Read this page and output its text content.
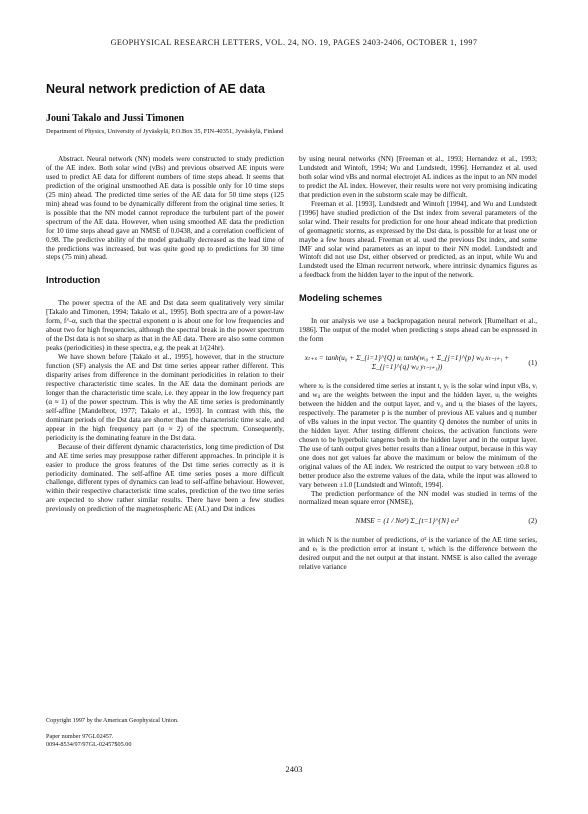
GEOPHYSICAL RESEARCH LETTERS, VOL. 24, NO. 19, PAGES 2403-2406, OCTOBER 1, 1997
Neural network prediction of AE data
Jouni Takalo and Jussi Timonen
Department of Physics, University of Jyväskylä, P.O.Box 35, FIN-40351, Jyväskylä, Finland

Abstract. Neural network (NN) models were constructed to study prediction of the AE index. Both solar wind (vBs) and previous observed AE inputs were used to predict AE data for different numbers of time steps ahead. It seems that prediction of the original unsmoothed AE data is possible only for 10 time steps (25 min) ahead. The predicted time series of the AE data for 50 time steps (125 min) ahead was found to be dynamically different from the original time series. It is possible that the NN model cannot reproduce the turbulent part of the power spectrum of the AE data. However, when using smoothed AE data the prediction for 10 time steps ahead gave an NMSE of 0.0438, and a correlation coefficient of 0.98. The predictive ability of the model gradually decreased as the lead time of the predictions was increased, but was quite good up to predictions for 30 time steps (75 min) ahead.

Introduction

The power spectra of the AE and Dst data seem qualitatively very similar [Takalo and Timonen, 1994; Takalo et al., 1995]. Both spectra are of a power-law form, f^-α, such that the spectral exponent α is about one for low frequencies and about two for high frequencies, although the spectral break in the power spectrum of the Dst data is not so sharp as that in the AE data. There are also some common peaks (periodicities) in these spectra, e.g. the peak at 1/(24hr).

We have shown before [Takalo et al., 1995], however, that in the structure function (SF) analysis the AE and Dst time series appear rather different. This disparity arises from difference in the dominant periodicities in relation to their respective characteristic time scales. In the AE data the dominant periods are longer than the characteristic time scale, i.e. they appear in the low frequency part (α ≈ 1) of the power spectrum. This is why the AE time series is predominantly self-affine [Mandelbrot, 1977; Takalo et al., 1993]. In contrast with this, the dominant periods of the Dst data are shorter than the characteristic time scale, and appear in the high frequency part (α ≈ 2) of the spectrum. Consequently, periodicity is the dominating feature in the Dst data.

Because of their different dynamic characteristics, long time prediction of Dst and AE time series may presuppose rather different approaches. In principle it is easier to produce the gross features of the Dst time series correctly as it is periodicity dominated. The self-affine AE time series poses a more difficult challenge, different types of dynamics can lead to self-affine behaviour. However, within their respective characteristic time scales, prediction of the two time series are expected to show rather similar results. There have been a few studies previously on prediction of the magnetospheric AE (AL) and Dst indices

Copyright 1997 by the American Geophysical Union.
Paper number 97GL02457.
0094-8534/97/97GL-02457$05.00

by using neural networks (NN) [Freeman et al., 1993; Hernandez et al., 1993; Lundstedt and Wintoft, 1994; Wu and Lundstedt, 1996]. Hernandez et al. used both solar wind vBs and normal electrojet AL indices as the input to an NN model to predict the AL index. However, their results were not very promising indicating that prediction even in the substorm scale may be difficult.

Freeman et al. [1993], Lundstedt and Wintoft [1994], and Wu and Lundstedt [1996] have studied prediction of the Dst index from several parameters of the solar wind. Their results for prediction for one hour ahead indicate that prediction of geomagnetic storms, as expressed by the Dst data, is possible for at least one or maybe a few hours ahead. Freeman et al. used the previous Dst index, and some IMF and solar wind parameters as an input to their NN model. Lundstedt and Wintoft did not use Dst, either observed or predicted, as an input, while Wu and Lundstedt used the Elman recurrent network, where intrinsic dynamics figures as a feedback from the hidden layer to the input of the network.

Modeling schemes

In our analysis we use a backpropagation neural network [Rumelhart et al., 1986]. The output of the model when predicting s steps ahead can be expressed in the form

xₜ₊ₛ = tanh(u₀ + Σ_{i=1}^{Q} uᵢ tanh(wᵢ₀ + Σ_{j=1}^{p} wᵢⱼ xₜ₋ⱼ₊₁ + Σ_{j=1}^{q} wᵢⱼ yₜ₋ⱼ₊₁))	(1)

where xₜ is the considered time series at instant t, yₜ is the solar wind input vBs, vᵢ and wᵢⱼ are the weights between the input and the hidden layer, uᵢ the weights between the hidden and the output layer, and v₀ and uᵢ the biases of the layers, respectively. The parameter p is the number of previous AE values and q number of vBs values in the input vector. The quantity Q denotes the number of units in the hidden layer. After testing different choices, the activation functions were chosen to be hyperbolic tangents both in the hidden layer and in the output layer. The use of tanh output gives better results than a linear output, because in this way one does not get values far above the maximum or below the minimum of the original values of the AE index. We restricted the output to vary between ±0.8 to better produce also the extreme values of the data, while the input was allowed to vary between ±1.0 [Lundstedt and Wintoft, 1994].

The prediction performance of the NN model was studied in terms of the normalized mean square error (NMSE),

NMSE = (1 / Nσ²) Σ_{t=1}^{N} eₜ²	(2)

in which N is the number of predictions, σ² is the variance of the AE time series, and eₜ is the prediction error at instant t, which is the difference between the desired output and the net output at that instant. NMSE is also called the average relative variance

2403
